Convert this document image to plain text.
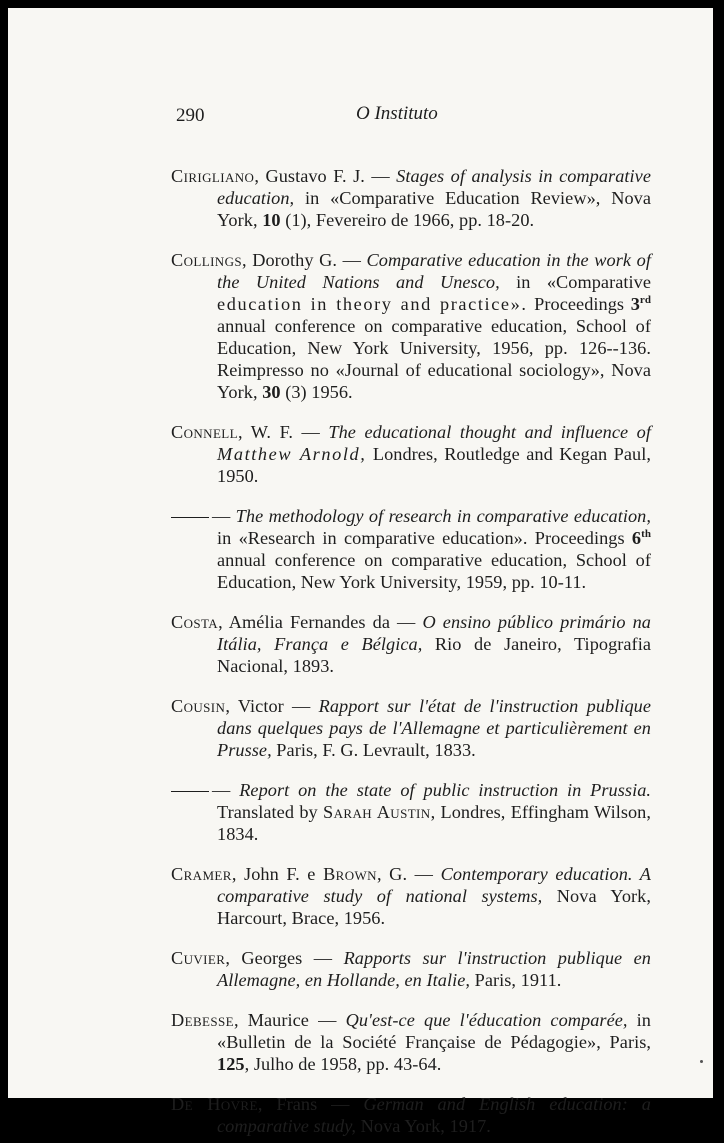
290	O Instituto

Cirigliano, Gustavo F. J. — Stages of analysis in comparative education, in «Comparative Education Review», Nova York, 10 (1), Fevereiro de 1966, pp. 18-20.

Collings, Dorothy G. — Comparative education in the work of the United Nations and Unesco, in «Comparative education in theory and practice». Proceedings 3rd annual conference on comparative education, School of Education, New York University, 1956, pp. 126--136. Reimpresso no «Journal of educational sociology», Nova York, 30 (3) 1956.

Connell, W. F. — The educational thought and influence of Matthew Arnold, Londres, Routledge and Kegan Paul, 1950.

— The methodology of research in comparative education, in «Research in comparative education». Proceedings 6th annual conference on comparative education, School of Education, New York University, 1959, pp. 10-11.

Costa, Amélia Fernandes da — O ensino público primário na Itália, França e Bélgica, Rio de Janeiro, Tipografia Nacional, 1893.

Cousin, Victor — Rapport sur l'état de l'instruction publique dans quelques pays de l'Allemagne et particulièrement en Prusse, Paris, F. G. Levrault, 1833.

— Report on the state of public instruction in Prussia. Translated by Sarah Austin, Londres, Effingham Wilson, 1834.

Cramer, John F. e Brown, G. — Contemporary education. A comparative study of national systems, Nova York, Harcourt, Brace, 1956.

Cuvier, Georges — Rapports sur l'instruction publique en Allemagne, en Hollande, en Italie, Paris, 1911.

Debesse, Maurice — Qu'est-ce que l'éducation comparée, in «Bulletin de la Société Française de Pédagogie», Paris, 125, Julho de 1958, pp. 43-64.

De Hovre, Frans — German and English education: a comparative study, Nova York, 1917.
